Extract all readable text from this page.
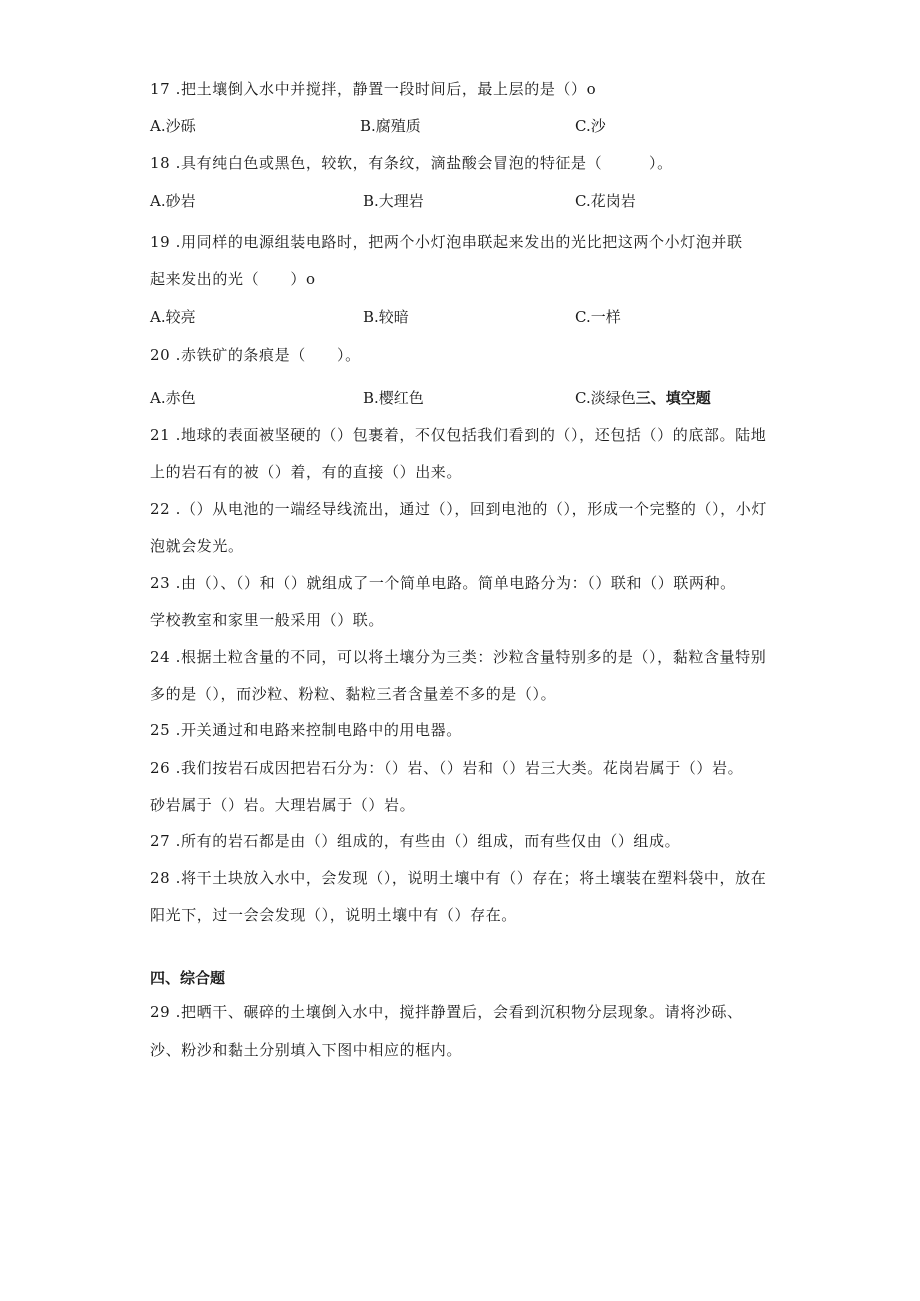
17 .把土壤倒入水中并搅拌，静置一段时间后，最上层的是（）o
A.沙砾	B.腐殖质	C.沙
18 .具有纯白色或黑色，较软，有条纹，滴盐酸会冒泡的特征是（　　　）。
A.砂岩	B.大理岩	C.花岗岩
19 .用同样的电源组装电路时，把两个小灯泡串联起来发出的光比把这两个小灯泡并联
起来发出的光（　　）o
A.较亮	B.较暗	C.一样
20 .赤铁矿的条痕是（　　）。
A.赤色	B.樱红色	C.淡绿色三、填空题
21 .地球的表面被坚硬的（）包裹着，不仅包括我们看到的（），还包括（）的底部。陆地
上的岩石有的被（）着，有的直接（）出来。
22 .（）从电池的一端经导线流出，通过（），回到电池的（），形成一个完整的（），小灯
泡就会发光。
23 .由（）、（）和（）就组成了一个简单电路。简单电路分为：（）联和（）联两种。
学校教室和家里一般采用（）联。
24 .根据土粒含量的不同，可以将土壤分为三类：沙粒含量特别多的是（），黏粒含量特别
多的是（），而沙粒、粉粒、黏粒三者含量差不多的是（）。
25 .开关通过和电路来控制电路中的用电器。
26 .我们按岩石成因把岩石分为：（）岩、（）岩和（）岩三大类。花岗岩属于（）岩。
砂岩属于（）岩。大理岩属于（）岩。
27 .所有的岩石都是由（）组成的，有些由（）组成，而有些仅由（）组成。
28 .将干土块放入水中，会发现（），说明土壤中有（）存在；将土壤装在塑料袋中，放在
阳光下，过一会会发现（），说明土壤中有（）存在。
四、综合题
29 .把晒干、碾碎的土壤倒入水中，搅拌静置后，会看到沉积物分层现象。请将沙砾、
沙、粉沙和黏土分别填入下图中相应的框内。
